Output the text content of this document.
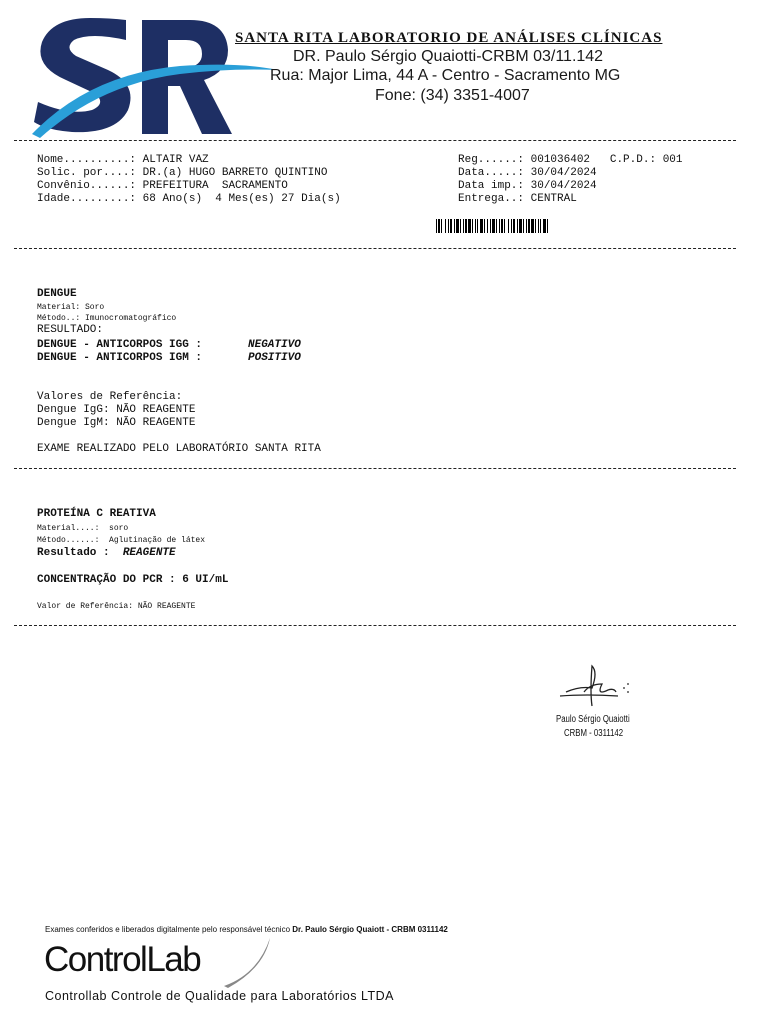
SANTA RITA LABORATORIO DE ANÁLISES CLÍNICAS
DR. Paulo Sérgio Quaiotti-CRBM 03/11.142
Rua: Major Lima, 44 A - Centro - Sacramento MG
Fone: (34) 3351-4007
Nome..........: ALTAIR VAZ
Solic. por....: DR.(a) HUGO BARRETO QUINTINO
Convênio......: PREFEITURA  SACRAMENTO
Idade.........: 68 Ano(s)  4 Mes(es) 27 Dia(s)
Reg......: 001036402 C.P.D.: 001
Data.....: 30/04/2024
Data imp.: 30/04/2024
Entrega..: CENTRAL
DENGUE
Material: Soro
Método..: Imunocromatográfico
RESULTADO:
DENGUE - ANTICORPOS IGG :	NEGATIVO
DENGUE - ANTICORPOS IGM :	POSITIVO
Valores de Referência:
Dengue IgG: NÃO REAGENTE
Dengue IgM: NÃO REAGENTE
EXAME REALIZADO PELO LABORATÓRIO SANTA RITA
PROTEÍNA C REATIVA
Material....:  soro
Método......:  Aglutinação de látex
Resultado : REAGENTE
CONCENTRAÇÃO DO PCR : 6 UI/mL
Valor de Referência: NÃO REAGENTE
Paulo Sérgio Quaiotti
CRBM - 0311142
Exames conferidos e liberados digitalmente pelo responsável técnico Dr. Paulo Sérgio Quaiott - CRBM 0311142
ControlLab
Controllab Controle de Qualidade para Laboratórios LTDA
